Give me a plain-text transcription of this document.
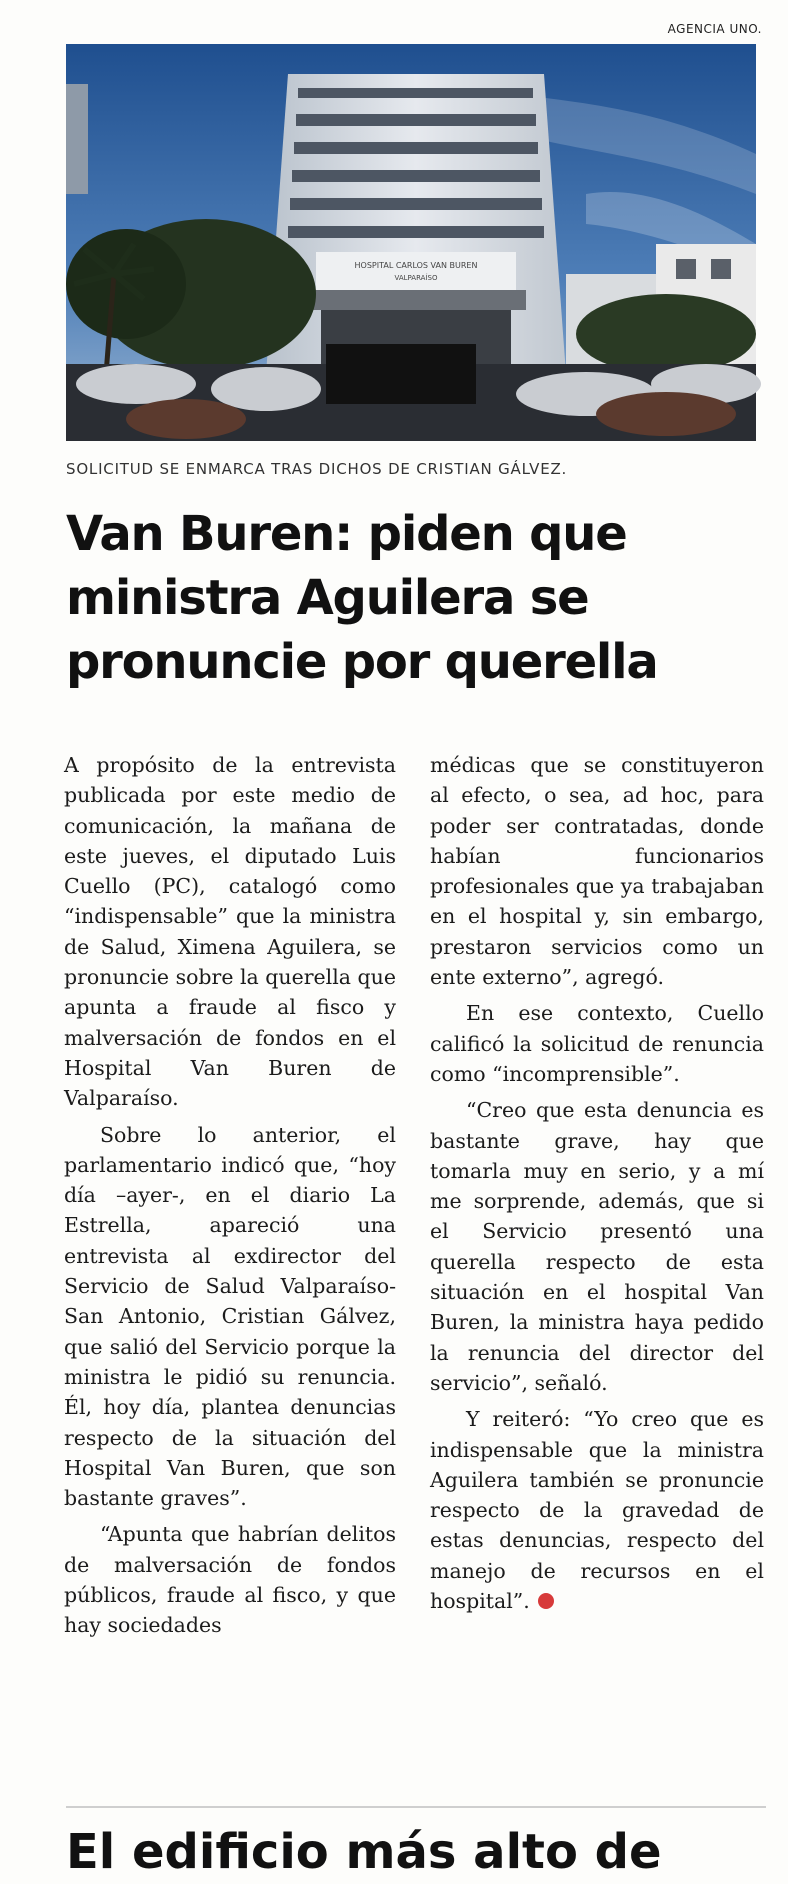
AGENCIA UNO.
HOSPITAL CARLOS VAN BUREN
VALPARAÍSO
SOLICITUD SE ENMARCA TRAS DICHOS DE CRISTIAN GÁLVEZ.
Van Buren: piden que
ministra Aguilera se
pronuncie por querella

A propósito de la entrevista publicada por este medio de comunicación, la mañana de este jueves, el diputado Luis Cuello (PC), catalogó como “indispensable” que la ministra de Salud, Ximena Aguilera, se pronuncie sobre la querella que apunta a fraude al fisco y malversación de fondos en el Hospital Van Buren de Valparaíso.

Sobre lo anterior, el parlamentario indicó que, “hoy día –ayer-, en el diario La Estrella, apareció una entrevista al exdirector del Servicio de Salud Valparaíso-San Antonio, Cristian Gálvez, que salió del Servicio porque la ministra le pidió su renuncia. Él, hoy día, plantea denuncias respecto de la situación del Hospital Van Buren, que son bastante graves”.

“Apunta que habrían delitos de malversación de fondos públicos, fraude al fisco, y que hay sociedades

médicas que se constituyeron al efecto, o sea, ad hoc, para poder ser contratadas, donde habían funcionarios profesionales que ya trabajaban en el hospital y, sin embargo, prestaron servicios como un ente externo”, agregó.

En ese contexto, Cuello calificó la solicitud de renuncia como “incomprensible”.

“Creo que esta denuncia es bastante grave, hay que tomarla muy en serio, y a mí me sorprende, además, que si el Servicio presentó una querella respecto de esta situación en el hospital Van Buren, la ministra haya pedido la renuncia del director del servicio”, señaló.

Y reiteró: “Yo creo que es indispensable que la ministra Aguilera también se pronuncie respecto de la gravedad de estas denuncias, respecto del manejo de recursos en el hospital”.

El edificio más alto de
